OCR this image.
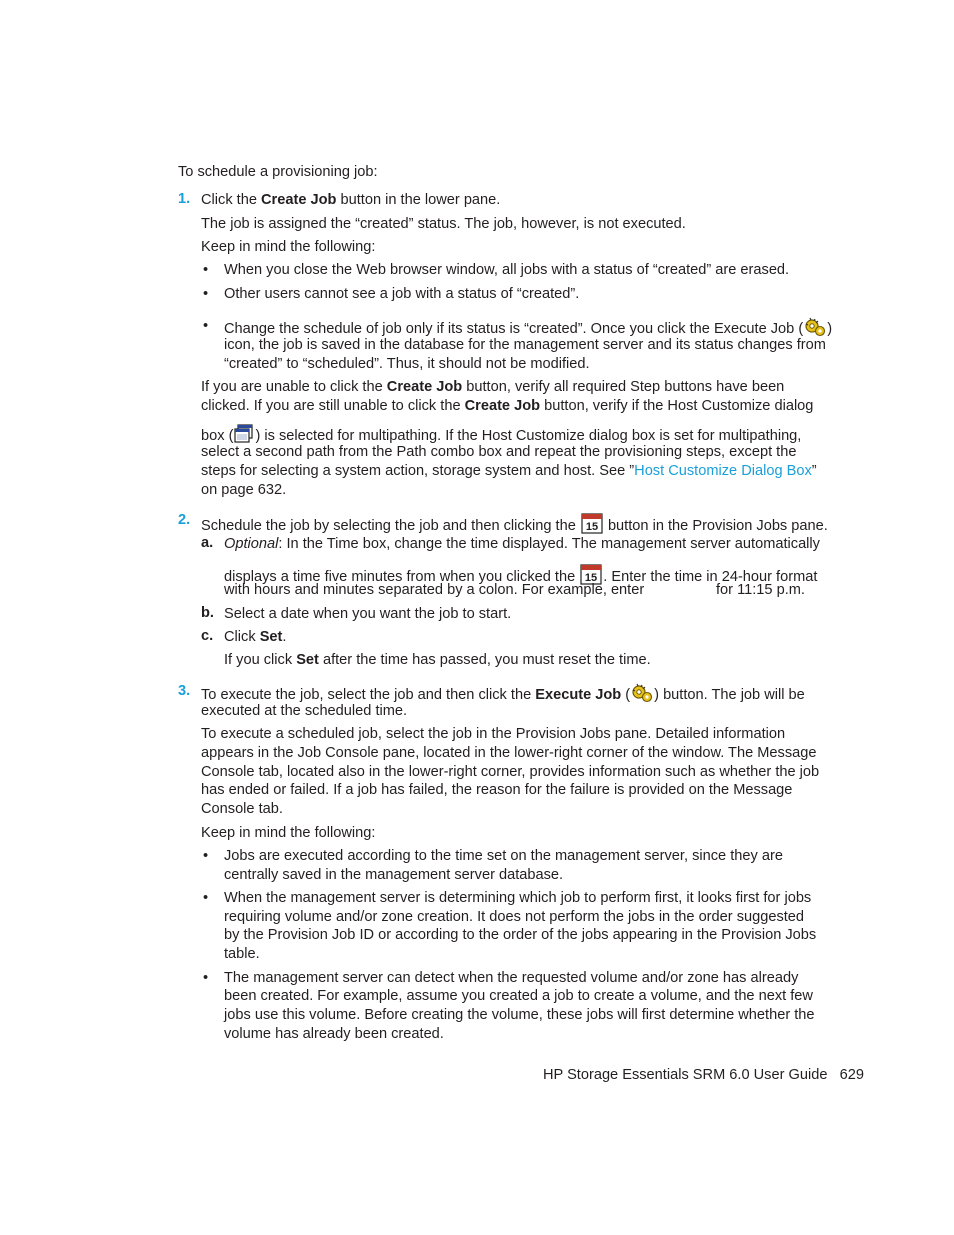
To schedule a provisioning job:
1. Click the Create Job button in the lower pane.
The job is assigned the “created” status. The job, however, is not executed.
Keep in mind the following:
• When you close the Web browser window, all jobs with a status of “created” are erased.
• Other users cannot see a job with a status of “created”.
• Change the schedule of job only if its status is “created”. Once you click the Execute Job ( )
icon, the job is saved in the database for the management server and its status changes from
“created” to “scheduled”. Thus, it should not be modified.
If you are unable to click the Create Job button, verify all required Step buttons have been
clicked. If you are still unable to click the Create Job button, verify if the Host Customize dialog
box ( ) is selected for multipathing. If the Host Customize dialog box is set for multipathing,
select a second path from the Path combo box and repeat the provisioning steps, except the
steps for selecting a system action, storage system and host. See ”Host Customize Dialog Box”
on page 632.
2. Schedule the job by selecting the job and then clicking the 15 button in the Provision Jobs pane.
a. Optional: In the Time box, change the time displayed. The management server automatically
displays a time five minutes from when you clicked the 15 . Enter the time in 24-hour format
with hours and minutes separated by a colon. For example, enter	for 11:15 p.m.
b. Select a date when you want the job to start.
c. Click Set.
If you click Set after the time has passed, you must reset the time.
3. To execute the job, select the job and then click the Execute Job ( ) button. The job will be
executed at the scheduled time.
To execute a scheduled job, select the job in the Provision Jobs pane. Detailed information
appears in the Job Console pane, located in the lower-right corner of the window. The Message
Console tab, located also in the lower-right corner, provides information such as whether the job
has ended or failed. If a job has failed, the reason for the failure is provided on the Message
Console tab.
Keep in mind the following:
• Jobs are executed according to the time set on the management server, since they are
centrally saved in the management server database.
• When the management server is determining which job to perform first, it looks first for jobs
requiring volume and/or zone creation. It does not perform the jobs in the order suggested
by the Provision Job ID or according to the order of the jobs appearing in the Provision Jobs
table.
• The management server can detect when the requested volume and/or zone has already
been created. For example, assume you created a job to create a volume, and the next few
jobs use this volume. Before creating the volume, these jobs will first determine whether the
volume has already been created.
HP Storage Essentials SRM 6.0 User Guide 629
